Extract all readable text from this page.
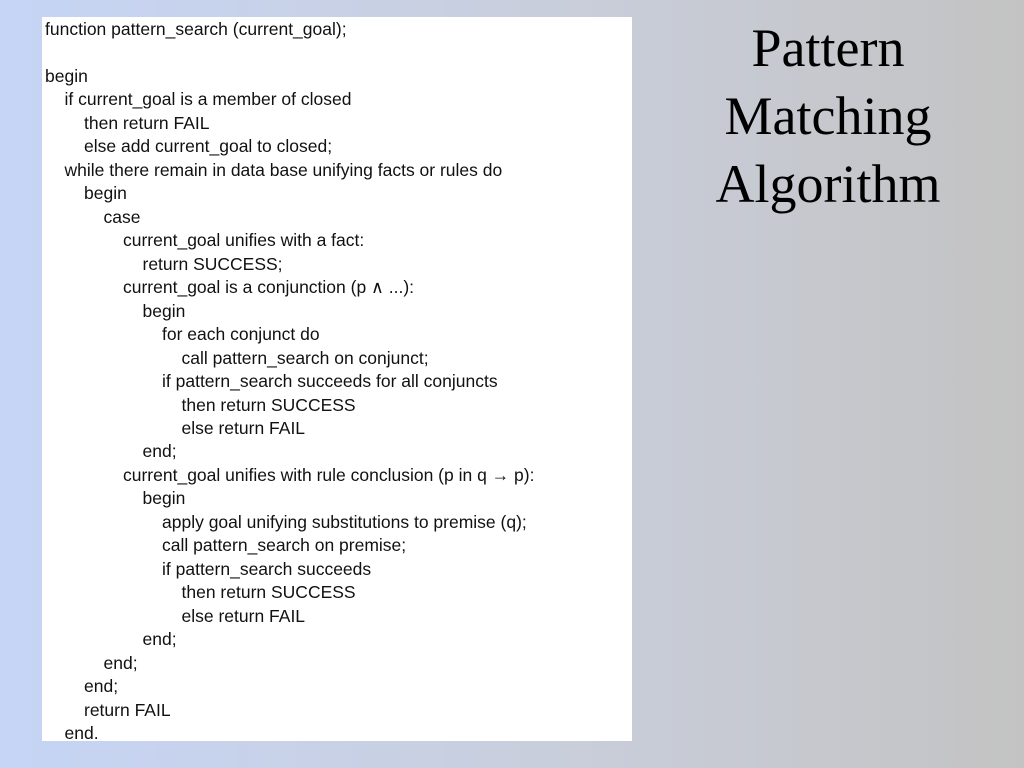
function pattern_search (current_goal);
begin
if current_goal is a member of closed
then return FAIL
else add current_goal to closed;
while there remain in data base unifying facts or rules do
begin
case
current_goal unifies with a fact:
return SUCCESS;
current_goal is a conjunction (p ∧ ...):
begin
for each conjunct do
call pattern_search on conjunct;
if pattern_search succeeds for all conjuncts
then return SUCCESS
else return FAIL
end;
current_goal unifies with rule conclusion (p in q → p):
begin
apply goal unifying substitutions to premise (q);
call pattern_search on premise;
if pattern_search succeeds
then return SUCCESS
else return FAIL
end;
end;
end;
return FAIL
end.
Pattern
Matching
Algorithm
